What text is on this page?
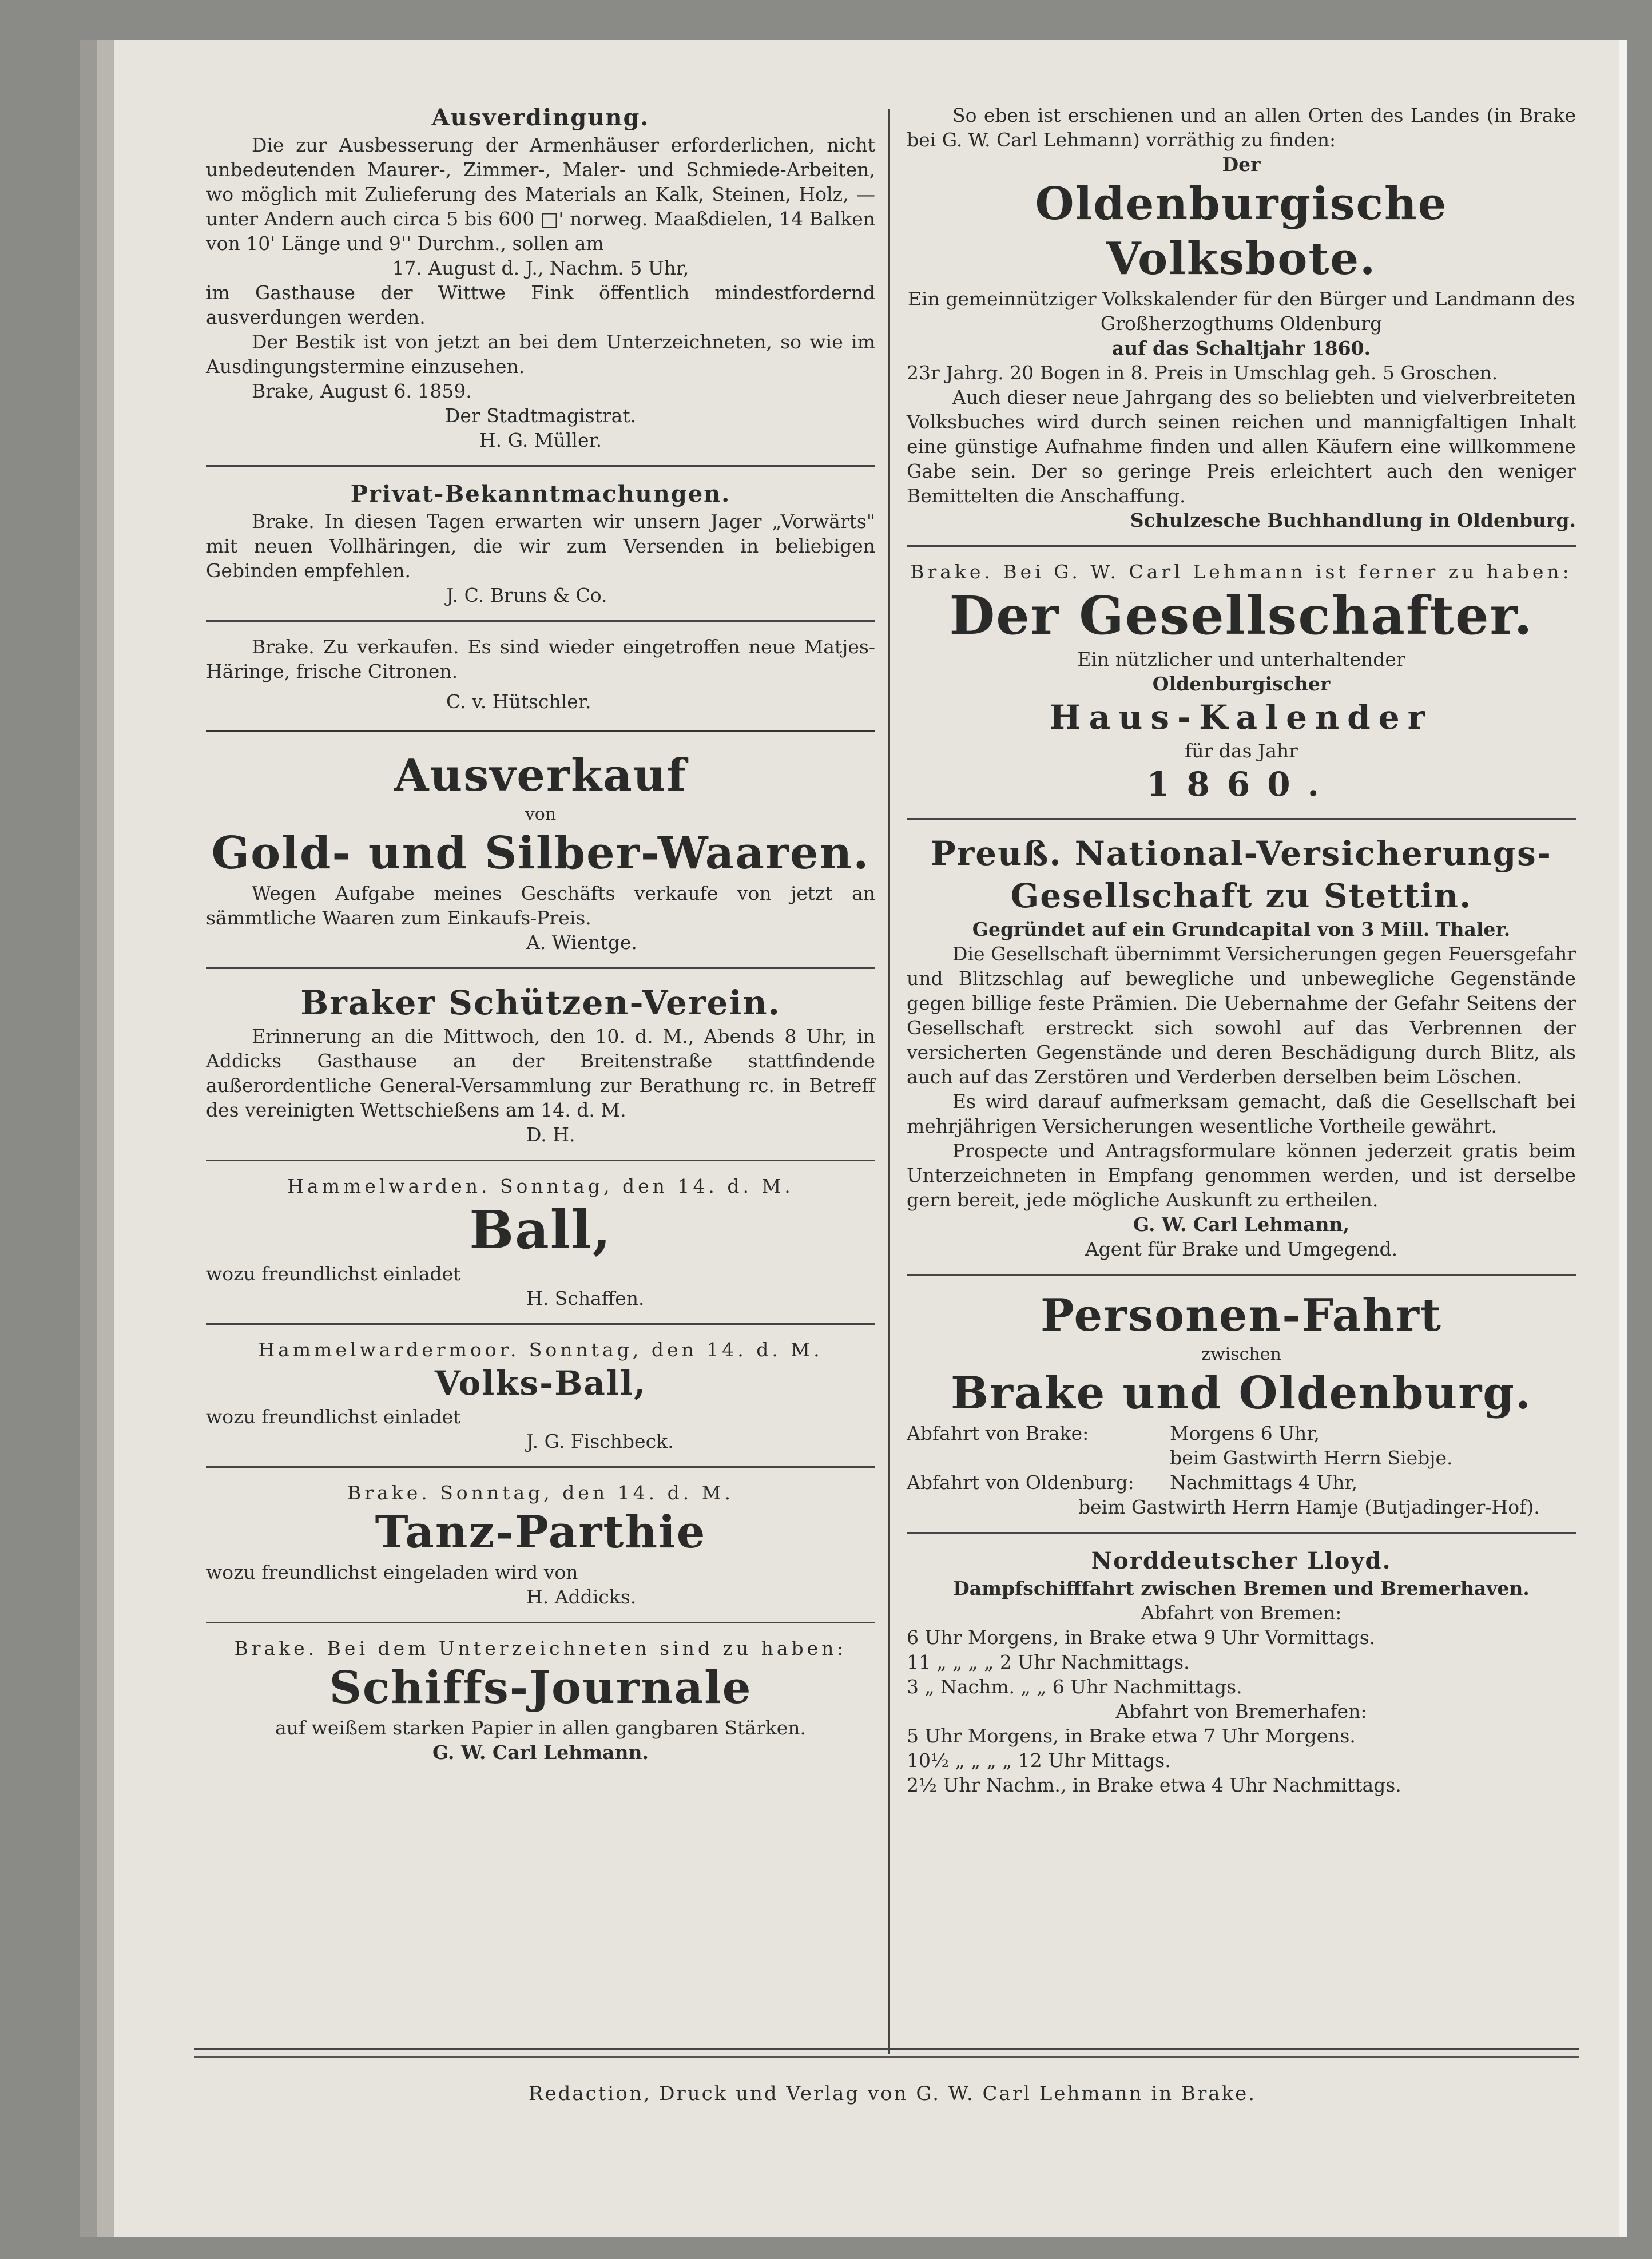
Ausverdingung.
Die zur Ausbesserung der Armenhäuser erforderlichen, nicht unbedeutenden Maurer-, Zimmer-, Maler- und Schmiede-Arbeiten, wo möglich mit Zulieferung des Materials an Kalk, Steinen, Holz, — unter Andern auch circa 5 bis 600 □' norweg. Maaßdielen, 14 Balken von 10' Länge und 9'' Durchm., sollen am
17. August d. J., Nachm. 5 Uhr,
im Gasthause der Wittwe Fink öffentlich mindestfordernd ausverdungen werden.
Der Bestik ist von jetzt an bei dem Unterzeichneten, so wie im Ausdingungstermine einzusehen.
Brake, August 6. 1859.
Der Stadtmagistrat.
H. G. Müller.
Privat-Bekanntmachungen.
Brake. In diesen Tagen erwarten wir unsern Jager „Vorwärts" mit neuen Vollhäringen, die wir zum Versenden in beliebigen Gebinden empfehlen.
J. C. Bruns & Co.
Brake. Zu verkaufen. Es sind wieder eingetroffen neue Matjes-Häringe, frische Citronen.
C. v. Hütschler.
Ausverkauf
von
Gold- und Silber-Waaren.
Wegen Aufgabe meines Geschäfts verkaufe von jetzt an sämmtliche Waaren zum Einkaufs-Preis.
A. Wientge.
Braker Schützen-Verein.
Erinnerung an die Mittwoch, den 10. d. M., Abends 8 Uhr, in Addicks Gasthause an der Breitenstraße stattfindende außerordentliche General-Versammlung zur Berathung rc. in Betreff des vereinigten Wettschießens am 14. d. M.
D. H.
Hammelwarden. Sonntag, den 14. d. M.
Ball,
wozu freundlichst einladet
H. Schaffen.
Hammelwardermoor. Sonntag, den 14. d. M.
Volks-Ball,
wozu freundlichst einladet
J. G. Fischbeck.
Brake. Sonntag, den 14. d. M.
Tanz-Parthie
wozu freundlichst eingeladen wird von
H. Addicks.
Brake. Bei dem Unterzeichneten sind zu haben:
Schiffs-Journale
auf weißem starken Papier in allen gangbaren Stärken.
G. W. Carl Lehmann.
So eben ist erschienen und an allen Orten des Landes (in Brake bei G. W. Carl Lehmann) vorräthig zu finden:
Der
Oldenburgische Volksbote.
Ein gemeinnütziger Volkskalender für den Bürger und Landmann des Großherzogthums Oldenburg
auf das Schaltjahr 1860.
23r Jahrg. 20 Bogen in 8. Preis in Umschlag geh. 5 Groschen.
Auch dieser neue Jahrgang des so beliebten und vielverbreiteten Volksbuches wird durch seinen reichen und mannigfaltigen Inhalt eine günstige Aufnahme finden und allen Käufern eine willkommene Gabe sein. Der so geringe Preis erleichtert auch den weniger Bemittelten die Anschaffung.
Schulzesche Buchhandlung in Oldenburg.
Brake. Bei G. W. Carl Lehmann ist ferner zu haben:
Der Gesellschafter.
Ein nützlicher und unterhaltender
Oldenburgischer
Haus-Kalender
für das Jahr
1860.
Preuß. National-Versicherungs-
Gesellschaft zu Stettin.
Gegründet auf ein Grundcapital von 3 Mill. Thaler.
Die Gesellschaft übernimmt Versicherungen gegen Feuersgefahr und Blitzschlag auf bewegliche und unbewegliche Gegenstände gegen billige feste Prämien. Die Uebernahme der Gefahr Seitens der Gesellschaft erstreckt sich sowohl auf das Verbrennen der versicherten Gegenstände und deren Beschädigung durch Blitz, als auch auf das Zerstören und Verderben derselben beim Löschen.
Es wird darauf aufmerksam gemacht, daß die Gesellschaft bei mehrjährigen Versicherungen wesentliche Vortheile gewährt.
Prospecte und Antragsformulare können jederzeit gratis beim Unterzeichneten in Empfang genommen werden, und ist derselbe gern bereit, jede mögliche Auskunft zu ertheilen.
G. W. Carl Lehmann,
Agent für Brake und Umgegend.
Personen-Fahrt
zwischen
Brake und Oldenburg.
Abfahrt von Brake:	Morgens 6 Uhr,
beim Gastwirth Herrn Siebje.
Abfahrt von Oldenburg:	Nachmittags 4 Uhr,
beim Gastwirth Herrn Hamje (Butjadinger-Hof).
Norddeutscher Lloyd.
Dampfschifffahrt zwischen Bremen und Bremerhaven.
Abfahrt von Bremen:
6 Uhr Morgens, in Brake etwa 9 Uhr Vormittags.
11 „ „ „ „ 2 Uhr Nachmittags.
3 „ Nachm. „ „ 6 Uhr Nachmittags.
Abfahrt von Bremerhafen:
5 Uhr Morgens, in Brake etwa 7 Uhr Morgens.
10½ „ „ „ „ 12 Uhr Mittags.
2½ Uhr Nachm., in Brake etwa 4 Uhr Nachmittags.
Redaction, Druck und Verlag von G. W. Carl Lehmann in Brake.
